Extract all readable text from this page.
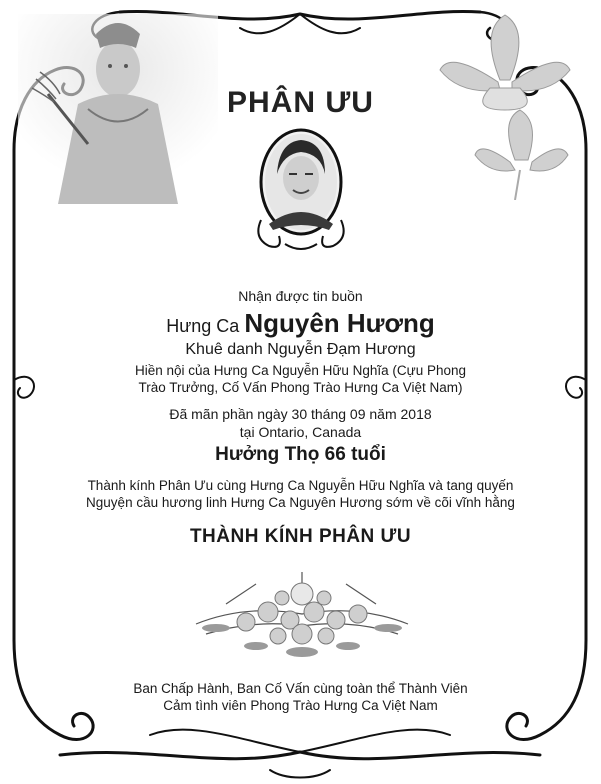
PHÂN ƯU
Nhận được tin buồn
Hưng Ca Nguyên Hương
Khuê danh Nguyễn Đạm Hương
Hiền nội của Hưng Ca Nguyễn Hữu Nghĩa (Cựu Phong
Trào Trưởng, Cố Vấn Phong Trào Hưng Ca Việt Nam)
Đã mãn phần ngày 30 tháng 09 năm 2018
tại Ontario, Canada
Hưởng Thọ 66 tuổi
Thành kính Phân Ưu cùng Hưng Ca Nguyễn Hữu Nghĩa và tang quyến
Nguyện cầu hương linh Hưng Ca Nguyên Hương sớm về cõi vĩnh hằng
THÀNH KÍNH PHÂN ƯU
Ban Chấp Hành, Ban Cố Vấn cùng toàn thể Thành Viên
Cảm tình viên Phong Trào Hưng Ca Việt Nam
